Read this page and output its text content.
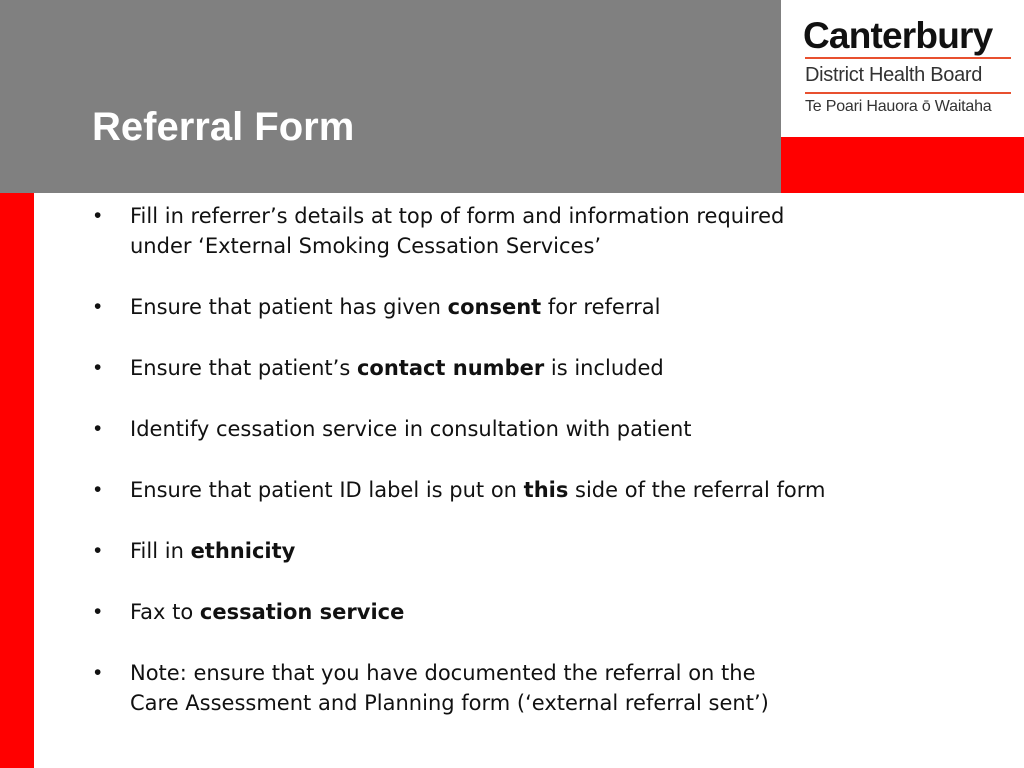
Referral Form
Canterbury
District Health Board
Te Poari Hauora ō Waitaha
• Fill in referrer’s details at top of form and information required
under ‘External Smoking Cessation Services’
• Ensure that patient has given consent for referral
• Ensure that patient’s contact number is included
• Identify cessation service in consultation with patient
• Ensure that patient ID label is put on this side of the referral form
• Fill in ethnicity
• Fax to cessation service
• Note: ensure that you have documented the referral on the
Care Assessment and Planning form (‘external referral sent’)
